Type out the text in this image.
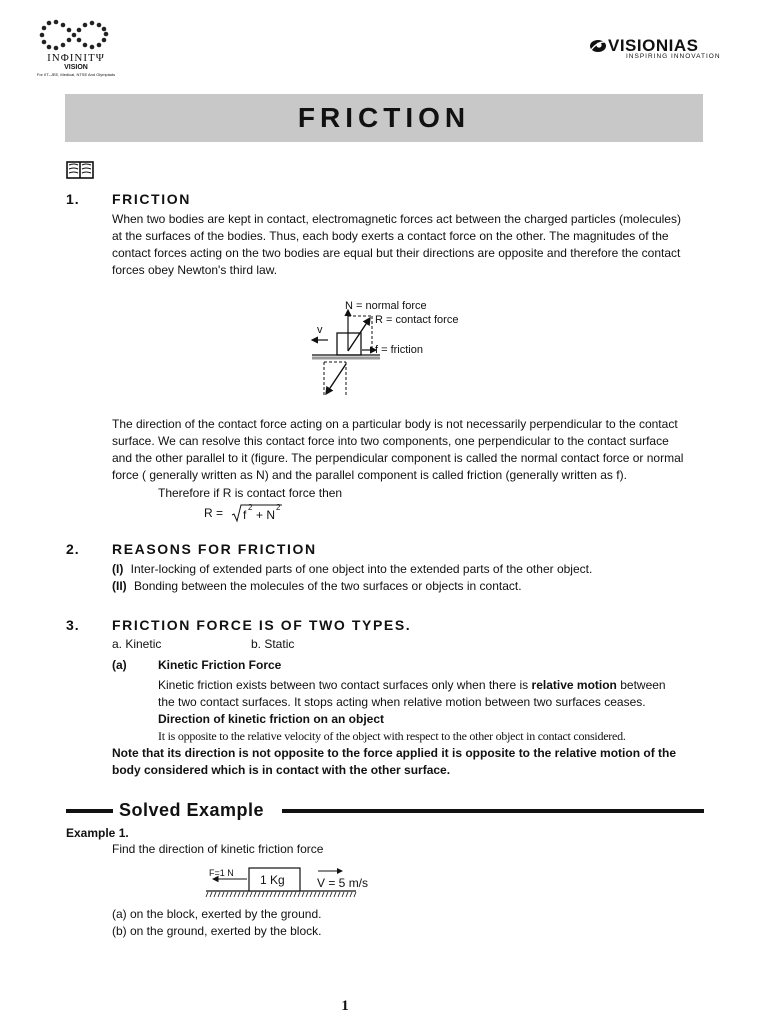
INΦINITΨ
VISION
For IIT–JEE, Medical, NTSE And Olympiads
VISIONIAS
INSPIRING INNOVATION
FRICTION
1. FRICTION
When two bodies are kept in contact, electromagnetic forces act between the charged particles (molecules)
at the surfaces of the bodies. Thus, each body exerts a contact force on the other. The magnitudes of the
contact forces acting on the two bodies are equal but their directions are opposite and therefore the contact
forces obey Newton's third law.
N = normal force
R = contact force
v
f = friction
The direction of the contact force acting on a particular body is not necessarily perpendicular to the contact
surface. We can resolve this contact force into two components, one perpendicular to the contact surface
and the other parallel to it (figure. The perpendicular component is called the normal contact force or normal
force ( generally written as N) and the parallel component is called friction (generally written as f).
Therefore if R is contact force then
R = f
2
+ N
2
2. REASONS FOR FRICTION
(I) Inter-locking of extended parts of one object into the extended parts of the other object.
(II) Bonding between the molecules of the two surfaces or objects in contact.
3. FRICTION FORCE IS OF TWO TYPES.
a. Kinetic	b. Static
(a)	Kinetic Friction Force
Kinetic friction exists between two contact surfaces only when there is relative motion between
the two contact surfaces. It stops acting when relative motion between two surfaces ceases.
Direction of kinetic friction on an object
It is opposite to the relative velocity of the object with respect to the other object in contact considered.
Note that its direction is not opposite to the force applied it is opposite to the relative motion of the
body considered which is in contact with the other surface.
Solved Example
Example 1.
Find the direction of kinetic friction force
F=1 N 1 Kg	V = 5 m/s
(a) on the block, exerted by the ground.
(b) on the ground, exerted by the block.
1
